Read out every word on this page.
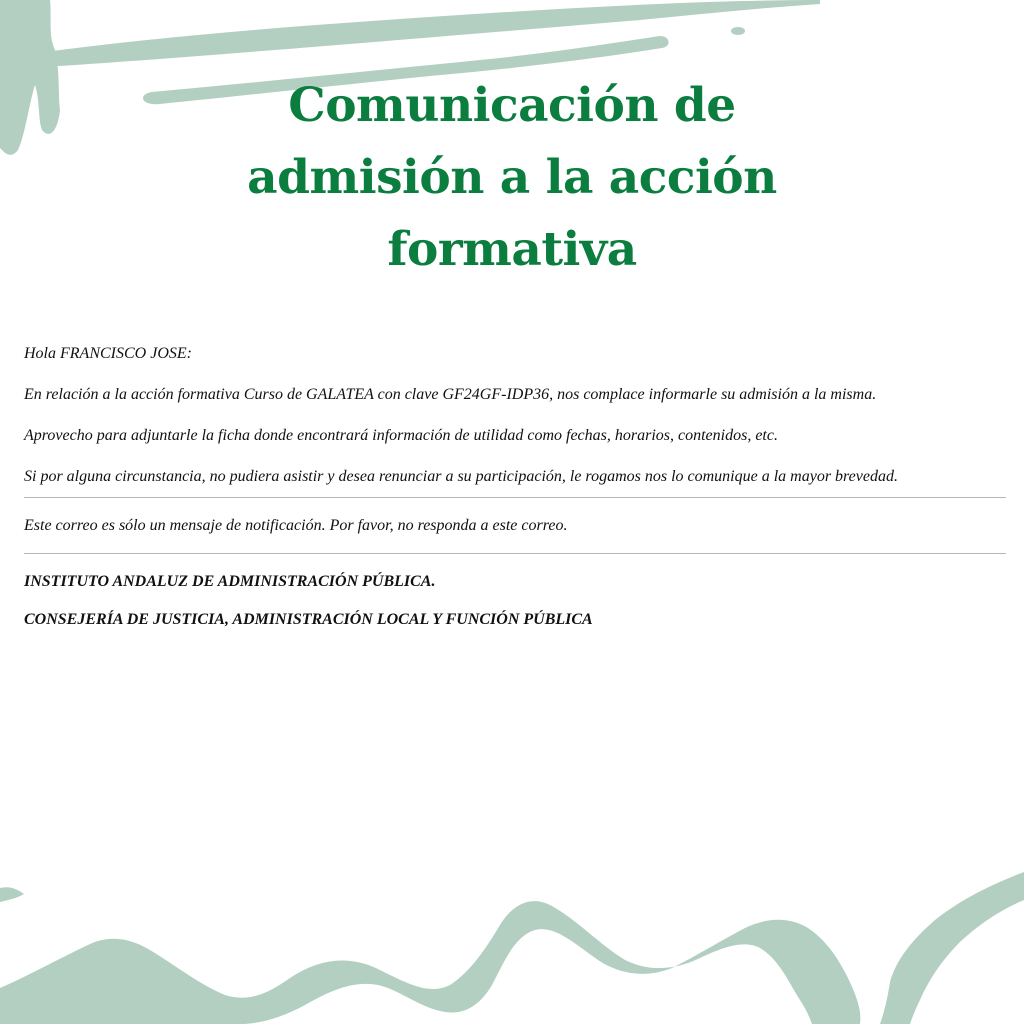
Comunicación de
admisión a la acción
formativa

Hola FRANCISCO JOSE:

En relación a la acción formativa Curso de GALATEA con clave GF24GF-IDP36, nos complace informarle su admisión a la misma.

Aprovecho para adjuntarle la ficha donde encontrará información de utilidad como fechas, horarios, contenidos, etc.

Si por alguna circunstancia, no pudiera asistir y desea renunciar a su participación, le rogamos nos lo comunique a la mayor brevedad.

Este correo es sólo un mensaje de notificación. Por favor, no responda a este correo.

INSTITUTO ANDALUZ DE ADMINISTRACIÓN PÚBLICA.

CONSEJERÍA DE JUSTICIA, ADMINISTRACIÓN LOCAL Y FUNCIÓN PÚBLICA
